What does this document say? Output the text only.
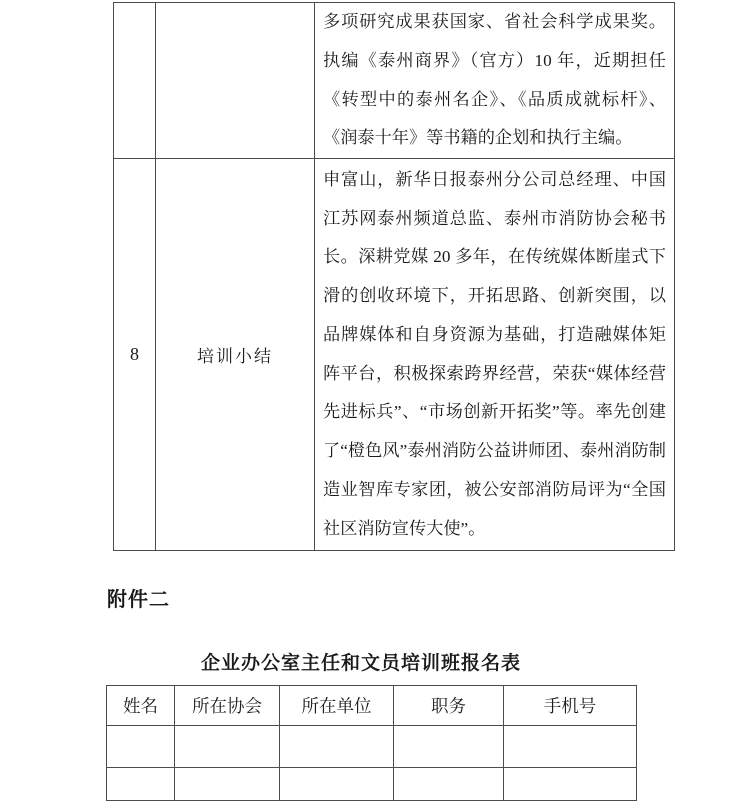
		多项研究成果获国家、省社会科学成果奖。执编《泰州商界》（官方）10 年，近期担任《转型中的泰州名企》、《品质成就标杆》、《润泰十年》等书籍的企划和执行主编。
8	培训小结	申富山，新华日报泰州分公司总经理、中国江苏网泰州频道总监、泰州市消防协会秘书长。深耕党媒 20 多年，在传统媒体断崖式下滑的创收环境下，开拓思路、创新突围，以品牌媒体和自身资源为基础，打造融媒体矩阵平台，积极探索跨界经营，荣获“媒体经营先进标兵”、“市场创新开拓奖”等。率先创建了“橙色风”泰州消防公益讲师团、泰州消防制造业智库专家团，被公安部消防局评为“全国社区消防宣传大使”。
附件二
企业办公室主任和文员培训班报名表
姓名	所在协会	所在单位	职务	手机号
